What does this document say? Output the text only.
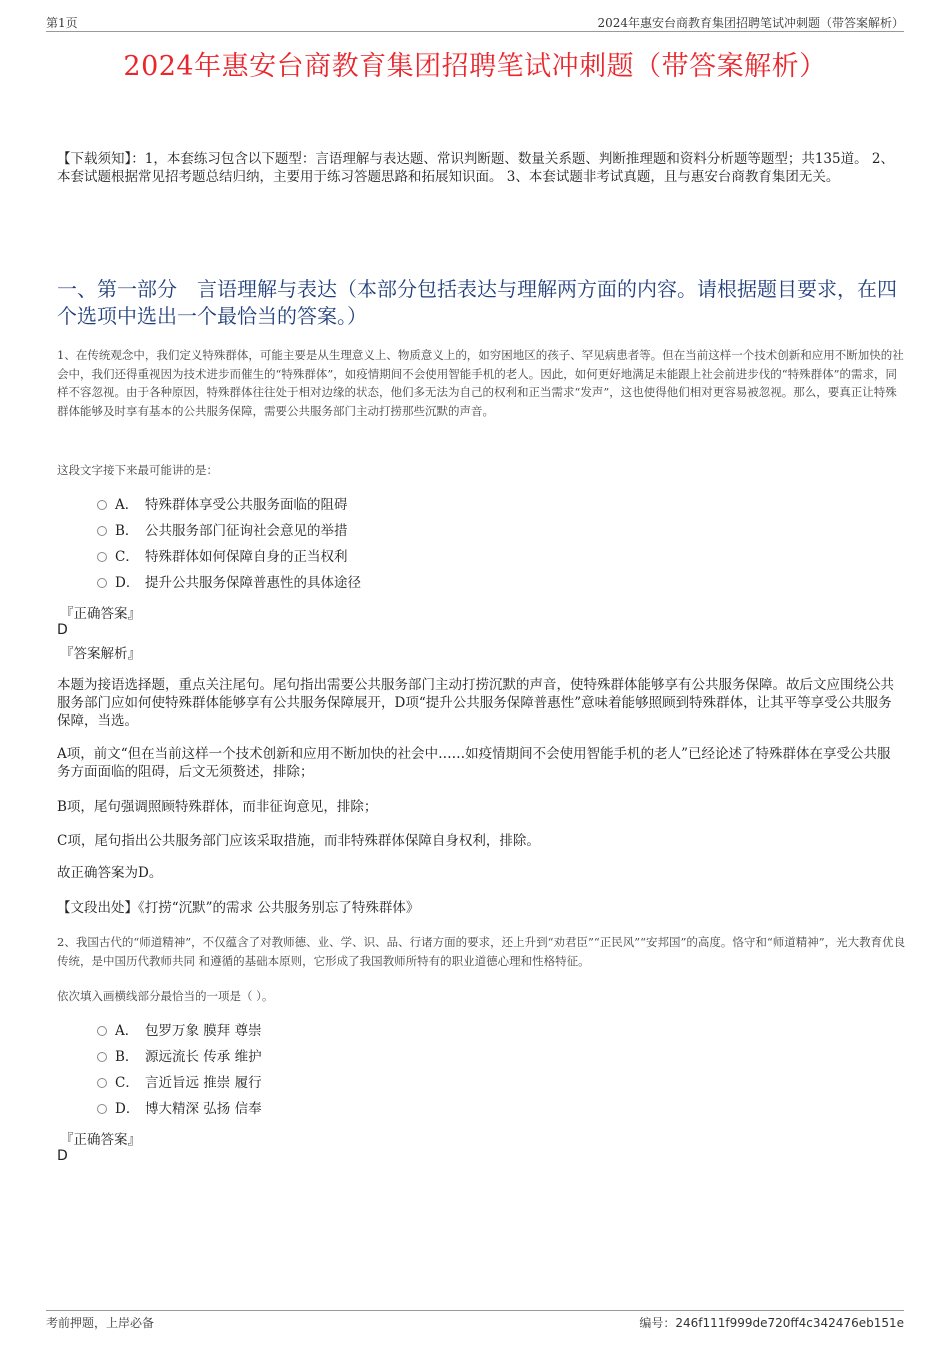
第1页	2024年惠安台商教育集团招聘笔试冲刺题（带答案解析）
2024年惠安台商教育集团招聘笔试冲刺题（带答案解析）
【下载须知】：1，本套练习包含以下题型：言语理解与表达题、常识判断题、数量关系题、判断推理题和资料分析题等题型；共135道。 2、本套试题根据常见招考题总结归纳，主要用于练习答题思路和拓展知识面。 3、本套试题非考试真题，且与惠安台商教育集团无关。
一、第一部分　言语理解与表达（本部分包括表达与理解两方面的内容。请根据题目要求，在四个选项中选出一个最恰当的答案。）
1、在传统观念中，我们定义特殊群体，可能主要是从生理意义上、物质意义上的，如穷困地区的孩子、罕见病患者等。但在当前这样一个技术创新和应用不断加快的社会中，我们还得重视因为技术进步而催生的“特殊群体”，如疫情期间不会使用智能手机的老人。因此，如何更好地满足未能跟上社会前进步伐的“特殊群体”的需求，同样不容忽视。由于各种原因，特殊群体往往处于相对边缘的状态，他们多无法为自己的权利和正当需求“发声”，这也使得他们相对更容易被忽视。那么，要真正让特殊群体能够及时享有基本的公共服务保障，需要公共服务部门主动打捞那些沉默的声音。
这段文字接下来最可能讲的是：
A． 特殊群体享受公共服务面临的阻碍
B． 公共服务部门征询社会意见的举措
C． 特殊群体如何保障自身的正当权利
D． 提升公共服务保障普惠性的具体途径
『正确答案』
D
『答案解析』
本题为接语选择题，重点关注尾句。尾句指出需要公共服务部门主动打捞沉默的声音，使特殊群体能够享有公共服务保障。故后文应围绕公共服务部门应如何使特殊群体能够享有公共服务保障展开，D项“提升公共服务保障普惠性”意味着能够照顾到特殊群体，让其平等享受公共服务保障，当选。
A项，前文“但在当前这样一个技术创新和应用不断加快的社会中……如疫情期间不会使用智能手机的老人”已经论述了特殊群体在享受公共服务方面面临的阻碍，后文无须赘述，排除；
B项，尾句强调照顾特殊群体，而非征询意见，排除；
C项，尾句指出公共服务部门应该采取措施，而非特殊群体保障自身权利，排除。
故正确答案为D。
【文段出处】《打捞“沉默”的需求 公共服务别忘了特殊群体》
2、我国古代的“师道精神”，不仅蕴含了对教师德、业、学、识、品、行诸方面的要求，还上升到“劝君臣”“正民风”“安邦国”的高度。恪守和“师道精神”，光大教育优良传统，是中国历代教师共同 和遵循的基础本原则，它形成了我国教师所特有的职业道德心理和性格特征。
依次填入画横线部分最恰当的一项是（ ）。
A． 包罗万象 膜拜 尊崇
B． 源远流长 传承 维护
C． 言近旨远 推崇 履行
D． 博大精深 弘扬 信奉
『正确答案』
D
考前押题，上岸必备	编号：246f111f999de720ff4c342476eb151e
